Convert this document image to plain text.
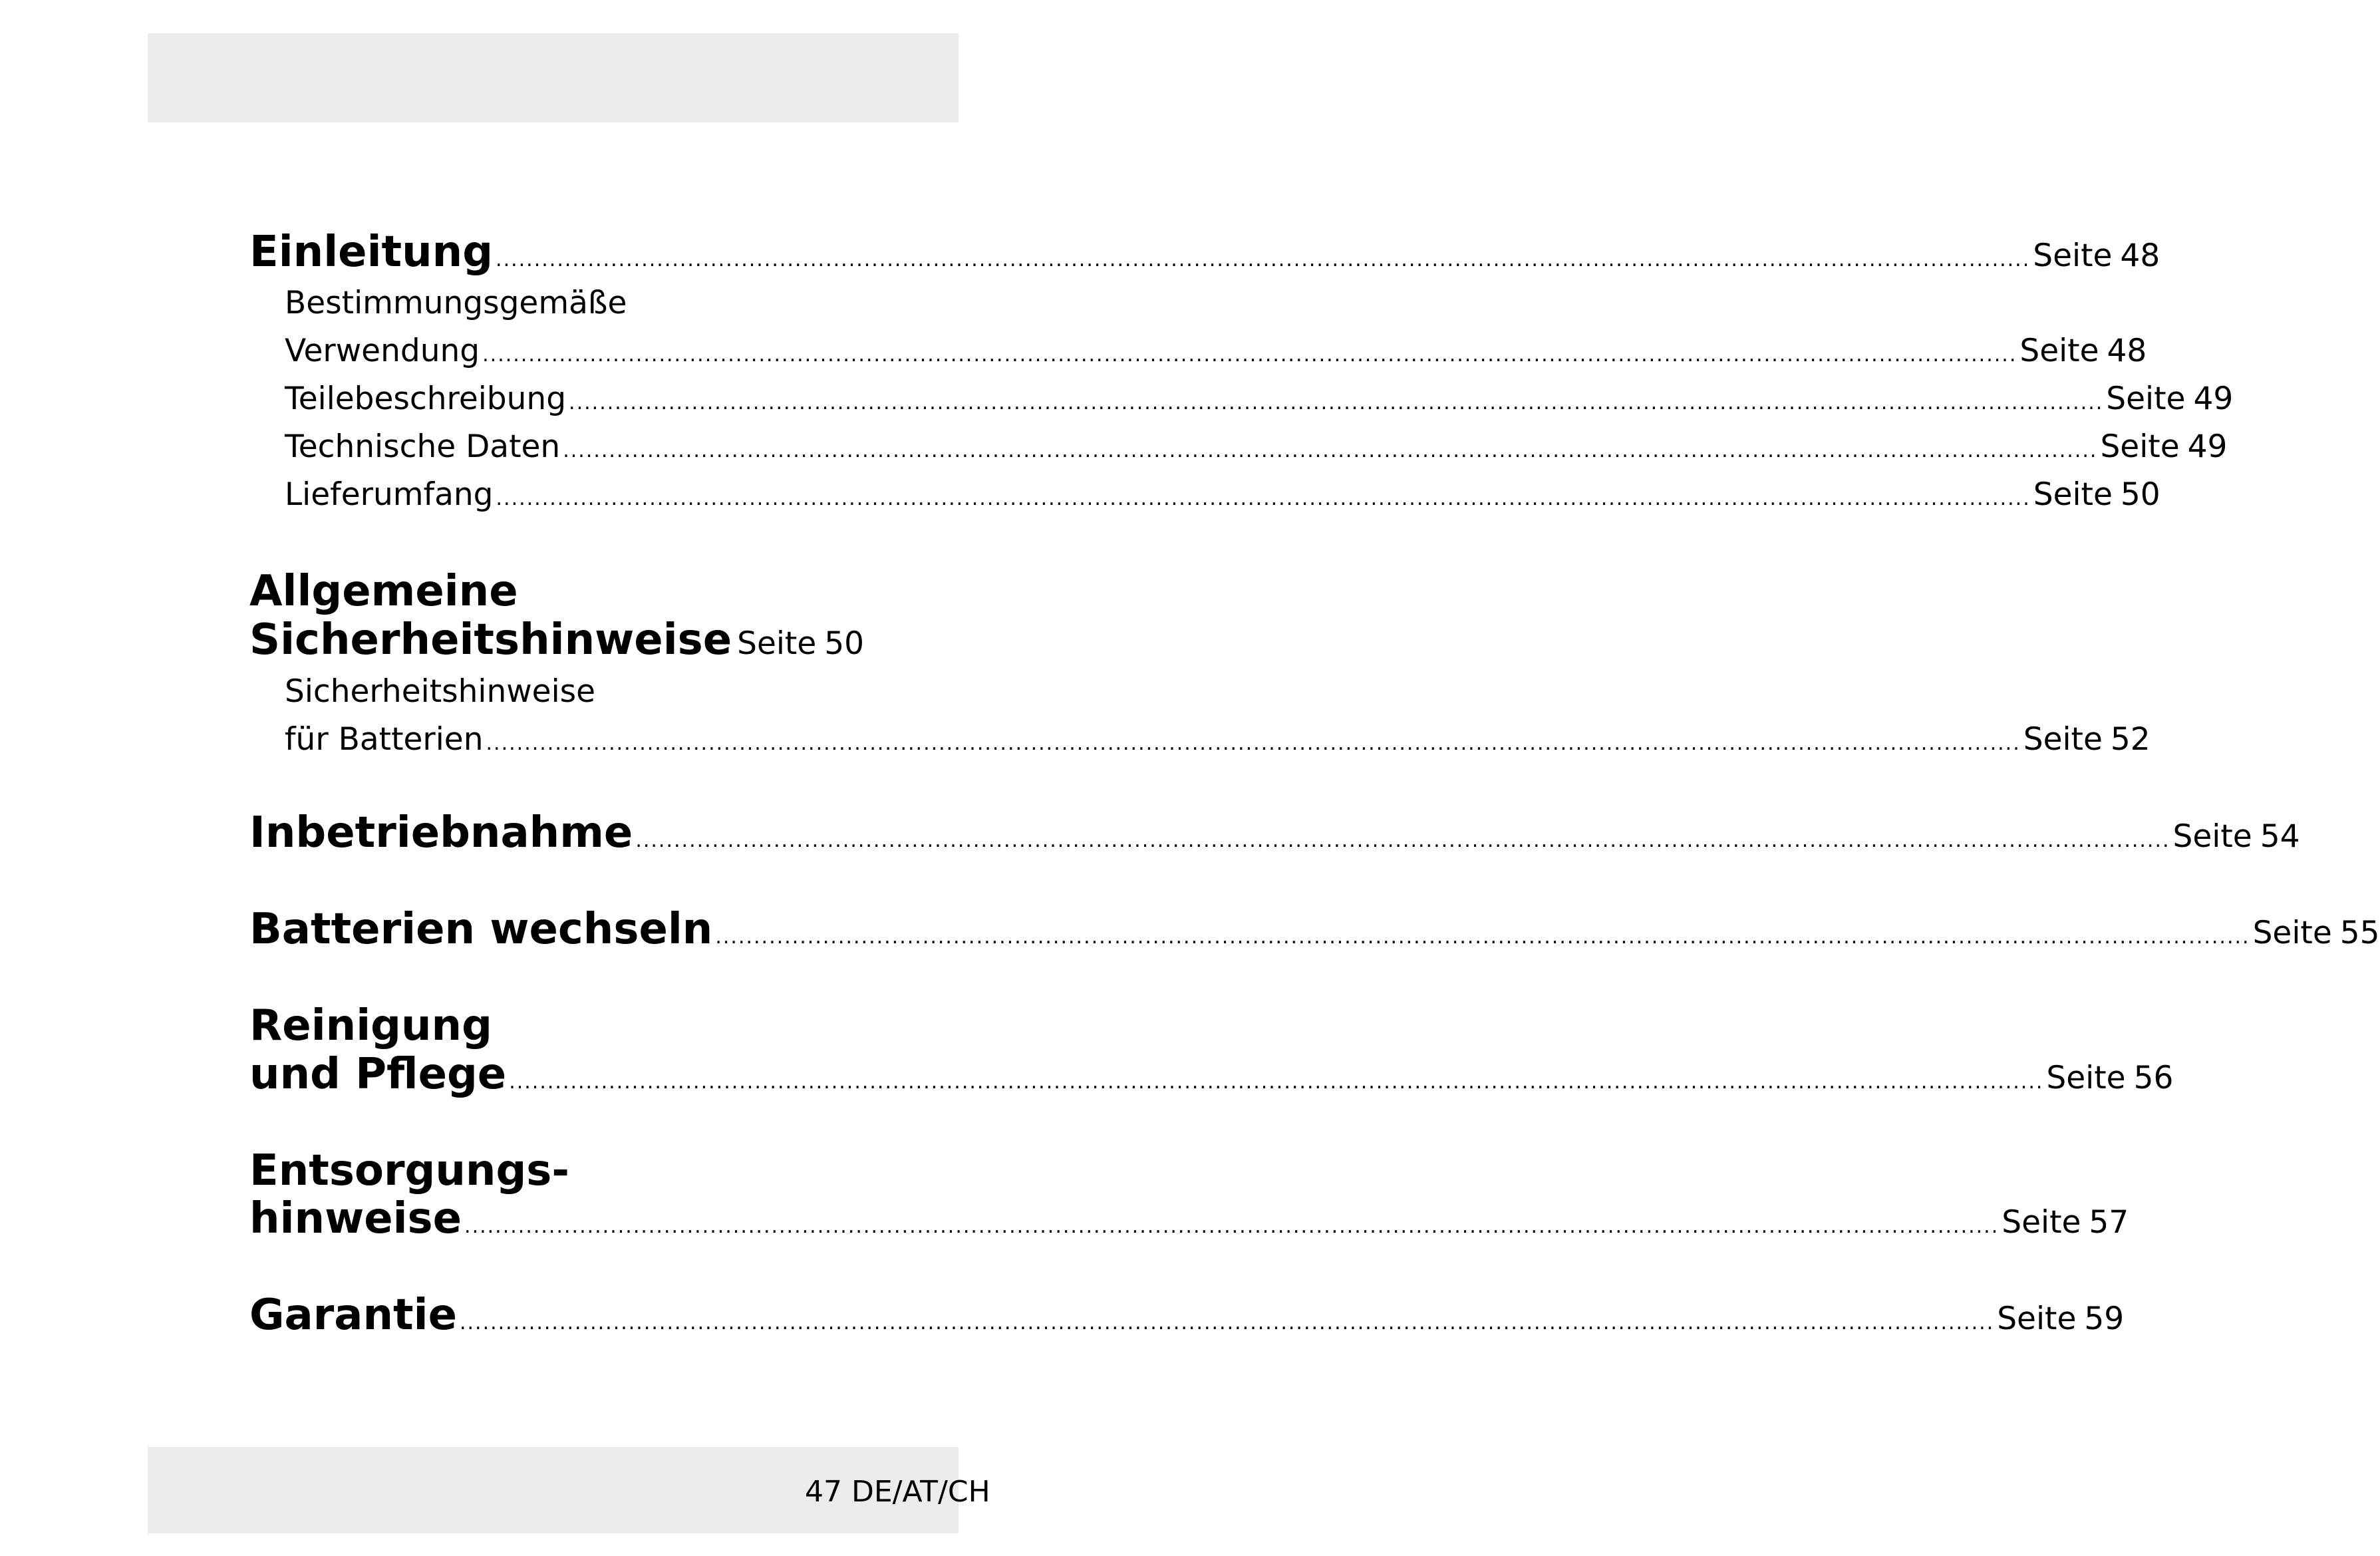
Einleitung .....	Seite 48
Bestimmungsgemäße
Verwendung .....	Seite 48
Teilebeschreibung .....	Seite 49
Technische Daten .....	Seite 49
Lieferumfang .....	Seite 50
Allgemeine
Sicherheitshinweise Seite 50
Sicherheitshinweise
für Batterien .....	Seite 52
Inbetriebnahme .....	Seite 54
Batterien wechseln .....	Seite 55
Reinigung
und Pflege .....	Seite 56
Entsorgungs-
hinweise .....	Seite 57
Garantie .....	Seite 59
47 DE/AT/CH
